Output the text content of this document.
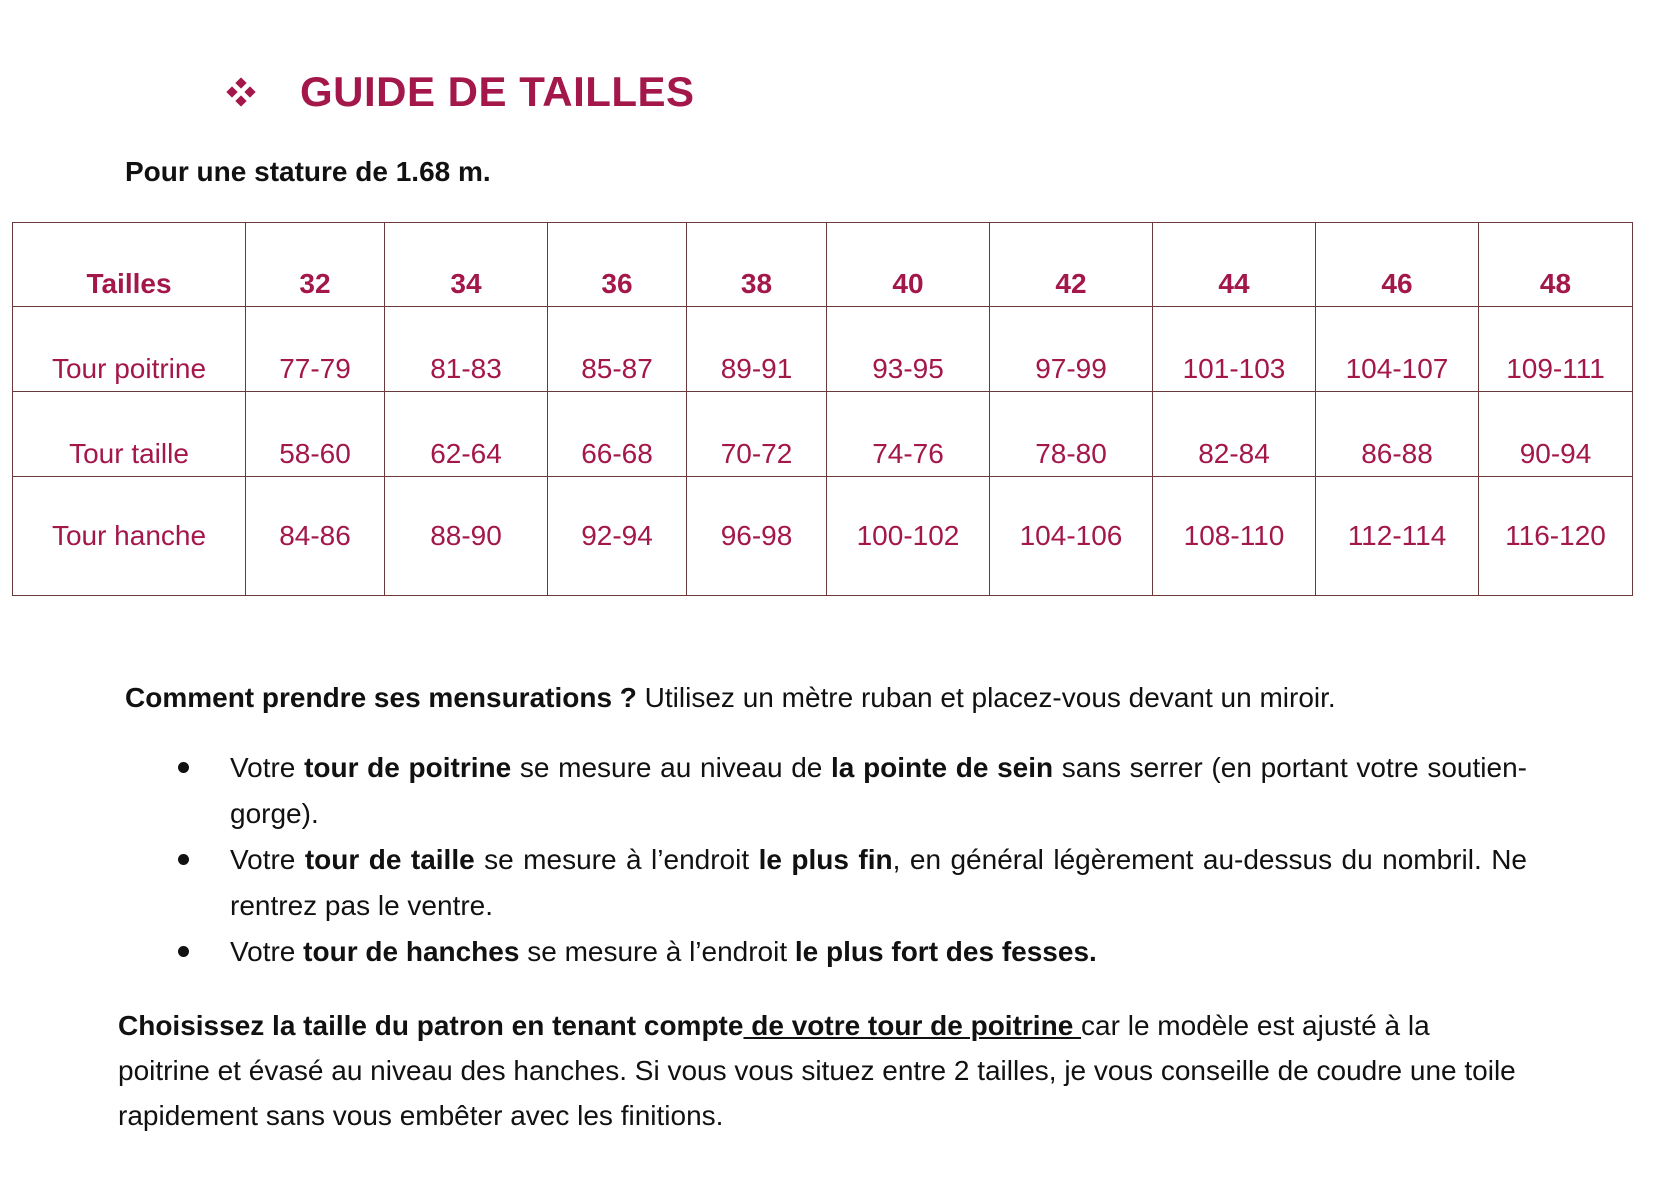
GUIDE DE TAILLES
Pour une stature de 1.68 m.
Tailles	32	34	36	38	40	42	44	46	48
Tour poitrine	77-79	81-83	85-87	89-91	93-95	97-99	101-103	104-107	109-111
Tour taille	58-60	62-64	66-68	70-72	74-76	78-80	82-84	86-88	90-94
Tour hanche	84-86	88-90	92-94	96-98	100-102	104-106	108-110	112-114	116-120
Comment prendre ses mensurations ? Utilisez un mètre ruban et placez-vous devant un miroir.
Votre tour de poitrine se mesure au niveau de la pointe de sein sans serrer (en portant votre soutien-gorge).
Votre tour de taille se mesure à l’endroit le plus fin, en général légèrement au-dessus du nombril. Ne rentrez pas le ventre.
Votre tour de hanches se mesure à l’endroit le plus fort des fesses.
Choisissez la taille du patron en tenant compte de votre tour de poitrine car le modèle est ajusté à la poitrine et évasé au niveau des hanches. Si vous vous situez entre 2 tailles, je vous conseille de coudre une toile rapidement sans vous embêter avec les finitions.
